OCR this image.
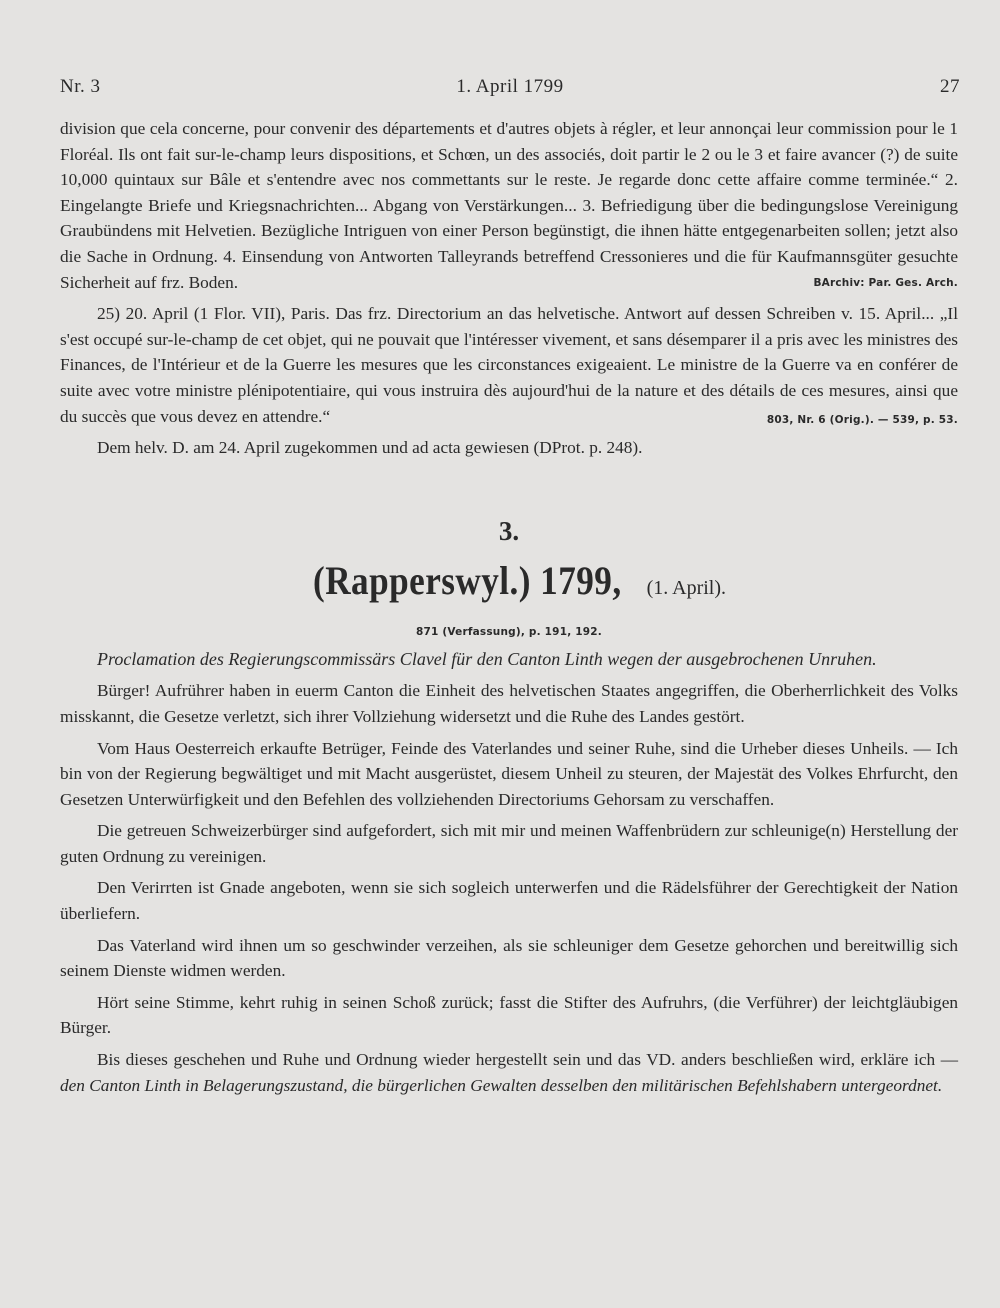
Nr. 3	1. April 1799	27

division que cela concerne, pour convenir des départements et d'autres objets à régler, et leur annonçai leur commission pour le 1 Floréal. Ils ont fait sur-le-champ leurs dispositions, et Schœn, un des associés, doit partir le 2 ou le 3 et faire avancer (?) de suite 10,000 quintaux sur Bâle et s'entendre avec nos commettants sur le reste. Je regarde donc cette affaire comme terminée.“ 2. Eingelangte Briefe und Kriegsnachrichten... Abgang von Verstärkungen... 3. Befriedigung über die bedingungslose Vereinigung Graubündens mit Helvetien. Bezügliche Intriguen von einer Person begünstigt, die ihnen hätte entgegenarbeiten sollen; jetzt also die Sache in Ordnung. 4. Einsendung von Antworten Talleyrands betreffend Cressonieres und die für Kaufmannsgüter gesuchte Sicherheit auf frz. Boden.	BArchiv: Par. Ges. Arch.

25) 20. April (1 Flor. VII), Paris. Das frz. Directorium an das helvetische. Antwort auf dessen Schreiben v. 15. April... „Il s'est occupé sur-le-champ de cet objet, qui ne pouvait que l'intéresser vivement, et sans désemparer il a pris avec les ministres des Finances, de l'Intérieur et de la Guerre les mesures que les circonstances exigeaient. Le ministre de la Guerre va en conférer de suite avec votre ministre plénipotentiaire, qui vous instruira dès aujourd'hui de la nature et des détails de ces mesures, ainsi que du succès que vous devez en attendre.“	803, Nr. 6 (Orig.). — 539, p. 53.

Dem helv. D. am 24. April zugekommen und ad acta gewiesen (DProt. p. 248).

3.
(Rapperswyl.) 1799, (1. April).
871 (Verfassung), p. 191, 192.

Proclamation des Regierungscommissärs Clavel für den Canton Linth wegen der ausgebrochenen Unruhen.

Bürger! Aufrührer haben in euerm Canton die Einheit des helvetischen Staates angegriffen, die Oberherrlichkeit des Volks misskannt, die Gesetze verletzt, sich ihrer Vollziehung widersetzt und die Ruhe des Landes gestört.

Vom Haus Oesterreich erkaufte Betrüger, Feinde des Vaterlandes und seiner Ruhe, sind die Urheber dieses Unheils. — Ich bin von der Regierung begwältiget und mit Macht ausgerüstet, diesem Unheil zu steuren, der Majestät des Volkes Ehrfurcht, den Gesetzen Unterwürfigkeit und den Befehlen des vollziehenden Directoriums Gehorsam zu verschaffen.

Die getreuen Schweizerbürger sind aufgefordert, sich mit mir und meinen Waffenbrüdern zur schleunige(n) Herstellung der guten Ordnung zu vereinigen.

Den Verirrten ist Gnade angeboten, wenn sie sich sogleich unterwerfen und die Rädelsführer der Gerechtigkeit der Nation überliefern.

Das Vaterland wird ihnen um so geschwinder verzeihen, als sie schleuniger dem Gesetze gehorchen und bereitwillig sich seinem Dienste widmen werden.

Hört seine Stimme, kehrt ruhig in seinen Schoß zurück; fasst die Stifter des Aufruhrs, (die Verführer) der leichtgläubigen Bürger.

Bis dieses geschehen und Ruhe und Ordnung wieder hergestellt sein und das VD. anders beschließen wird, erkläre ich — den Canton Linth in Belagerungszustand, die bürgerlichen Gewalten desselben den militärischen Befehlshabern untergeordnet.
